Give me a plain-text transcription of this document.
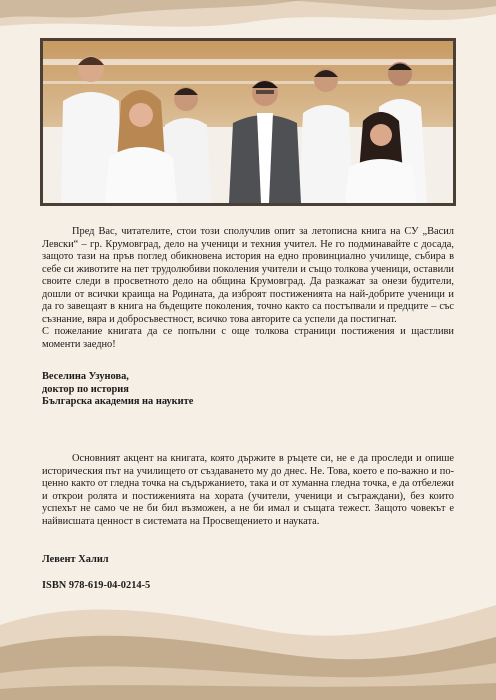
Пред Вас, читателите, стои този сполучлив опит за летописна книга на СУ „Васил Левски“ – гр. Крумовград, дело на ученици и техния учител. Не го подминавайте с досада, защото тази на пръв поглед обикновена история на едно провинциално училище, събира в себе си животите на пет трудолюбиви поколения учители и също толкова ученици, оставили своите следи в просветното дело на община Крумовград. Да разкажат за онези будители, дошли от всички краища на Родината, да изброят постиженията на най-добрите ученици и да го завещаят в книга на бъдещите поколения, точно както са постъпвали и предците – със съзнание, вяра и добросъвестност, всичко това авторите са успели да постигнат.

С пожелание книгата да се попълни с още толкова страници постижения и щастливи моменти заедно!

Веселина Узунова,
доктор по история
Българска академия на науките

Основният акцент на книгата, която държите в ръцете си, не е да проследи и опише историческия път на училището от създаването му до днес. Не. Това, което е по-важно и по-ценно както от гледна точка на съдържанието, така и от хуманна гледна точка, е да отбележи и открои ролята и постиженията на хората (учители, ученици и съграждани), без които успехът не само че не би бил възможен, а не би имал и същата тежест. Защото човекът е найвисшата ценност в системата на Просвещението и науката.

Левент Халил
ISBN 978-619-04-0214-5
